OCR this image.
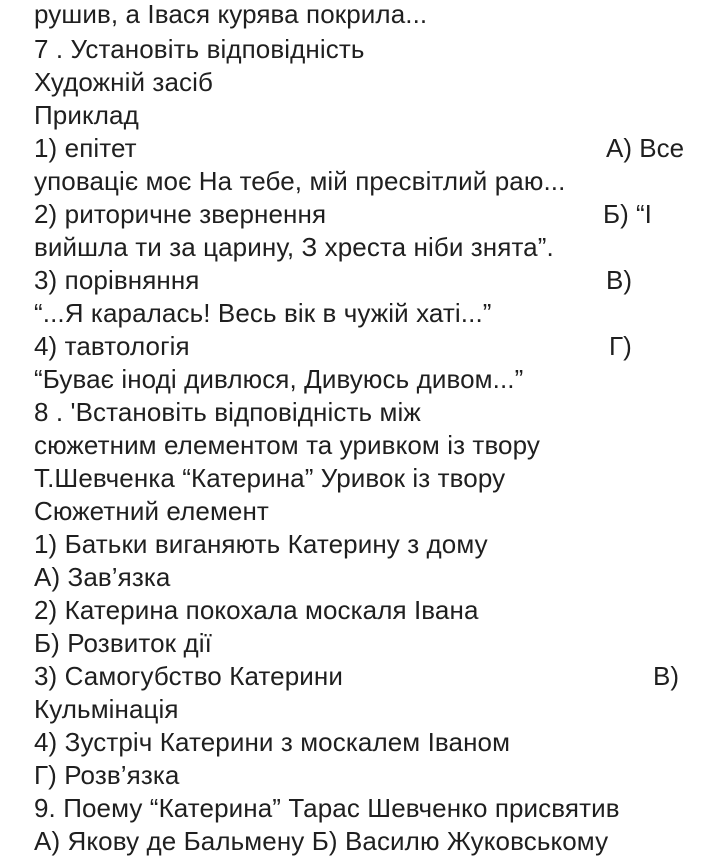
рушив, а Івася курява покрила...
7 . Установіть відповідність
Художній засіб
Приклад
1) епітет	А) Все
уповаціє моє На тебе, мій пресвітлий раю...
2) риторичне звернення	Б) “І
вийшла ти за царину, З хреста ніби знята”.
3) порівняння	В)
“...Я каралась! Весь вік в чужій хаті...”
4) тавтологія	Г)
“Буває іноді дивлюся, Дивуюсь дивом...”
8 . 'Встановіть відповідність між
сюжетним елементом та уривком із твору
Т.Шевченка “Катерина” Уривок із твору
Сюжетний елемент
1) Батьки виганяють Катерину з дому
А) Зав’язка
2) Катерина покохала москаля Івана
Б) Розвиток дії
3) Самогубство Катерини	В)
Кульмінація
4) Зустріч Катерини з москалем Іваном
Г) Розв’язка
9. Поему “Катерина” Тарас Шевченко присвятив
А) Якову де Бальмену Б) Василю Жуковському
